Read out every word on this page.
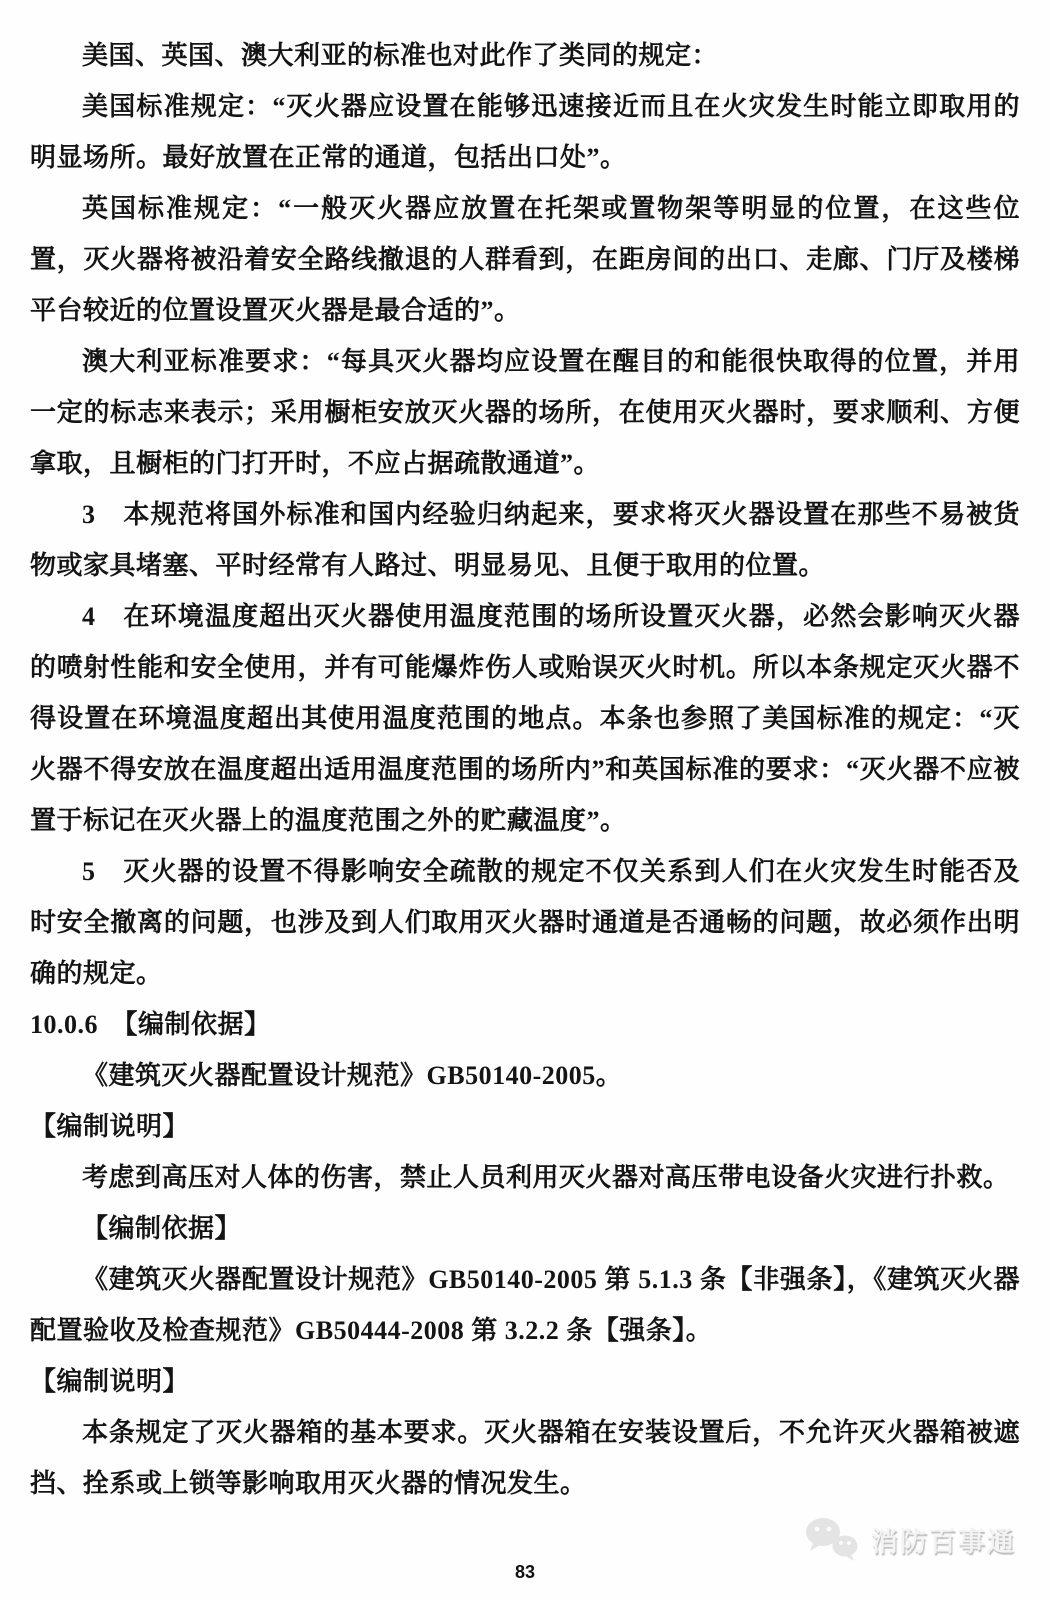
美国、英国、澳大利亚的标准也对此作了类同的规定：

美国标准规定：“灭火器应设置在能够迅速接近而且在火灾发生时能立即取用的明显场所。最好放置在正常的通道，包括出口处”。

英国标准规定：“一般灭火器应放置在托架或置物架等明显的位置，在这些位置，灭火器将被沿着安全路线撤退的人群看到，在距房间的出口、走廊、门厅及楼梯平台较近的位置设置灭火器是最合适的”。

澳大利亚标准要求：“每具灭火器均应设置在醒目的和能很快取得的位置，并用一定的标志来表示；采用橱柜安放灭火器的场所，在使用灭火器时，要求顺利、方便拿取，且橱柜的门打开时，不应占据疏散通道”。

3　本规范将国外标准和国内经验归纳起来，要求将灭火器设置在那些不易被货物或家具堵塞、平时经常有人路过、明显易见、且便于取用的位置。

4　在环境温度超出灭火器使用温度范围的场所设置灭火器，必然会影响灭火器的喷射性能和安全使用，并有可能爆炸伤人或贻误灭火时机。所以本条规定灭火器不得设置在环境温度超出其使用温度范围的地点。本条也参照了美国标准的规定：“灭火器不得安放在温度超出适用温度范围的场所内”和英国标准的要求：“灭火器不应被置于标记在灭火器上的温度范围之外的贮藏温度”。

5　灭火器的设置不得影响安全疏散的规定不仅关系到人们在火灾发生时能否及时安全撤离的问题，也涉及到人们取用灭火器时通道是否通畅的问题，故必须作出明确的规定。

10.0.6　【编制依据】

《建筑灭火器配置设计规范》GB50140-2005。

【编制说明】

考虑到高压对人体的伤害，禁止人员利用灭火器对高压带电设备火灾进行扑救。

【编制依据】

《建筑灭火器配置设计规范》GB50140-2005 第 5.1.3 条【非强条】，《建筑灭火器配置验收及检查规范》GB50444-2008 第 3.2.2 条【强条】。

【编制说明】

本条规定了灭火器箱的基本要求。灭火器箱在安装设置后，不允许灭火器箱被遮挡、拴系或上锁等影响取用灭火器的情况发生。

消防百事通
83
